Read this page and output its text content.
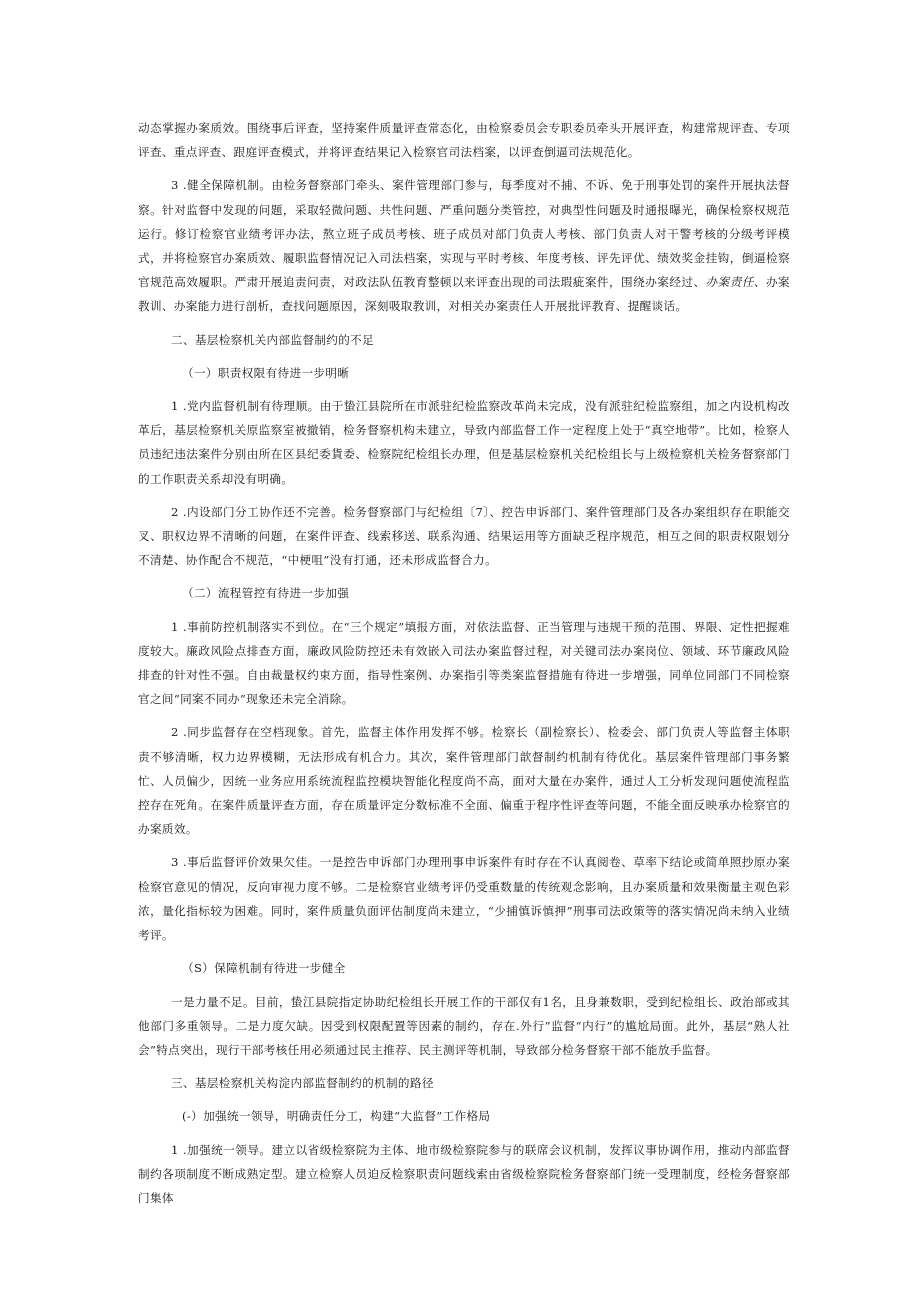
动态掌握办案质效。围绕事后评查，坚持案件质量评查常态化，由检察委员会专职委员牵头开展评查，构建常规评查、专项评查、重点评查、跟庭评查模式，并将评查结果记入检察官司法档案，以评查倒逼司法规范化。

3 .健全保障机制。由检务督察部门牵头、案件管理部门参与，每季度对不捕、不诉、免于刑事处罚的案件开展执法督察。针对监督中发现的问题，采取轻微问题、共性问题、严重问题分类管控，对典型性问题及时通报曝光，确保检察权规范运行。修订检察官业绩考评办法，熬立班子成员考核、班子成员对部门负责人考核、部门负责人对干警考核的分级考评模式，并将检察官办案质效、履职监督情况记入司法档案，实现与平时考核、年度考核、评先评优、绩效奖金挂钩，倒逼检察官规范高效履职。严肃开展追责问责，对政法队伍教育整顿以来评查出现的司法瑕疵案件，围绕办案经过、办案责任、办案教训、办案能力进行剖析，查找问题原因，深刻吸取教训，对相关办案责任人开展批评教育、提醒谈话。

二、基层检察机关内部监督制约的不足

（一）职责权限有待进一步明晰

1 .党内监督机制有待理顺。由于蛰江县院所在市派驻纪检监察改革尚未完成，没有派驻纪检监察组，加之内设机构改革后，基层检察机关原监察室被撤销，检务督察机构未建立，导致内部监督工作一定程度上处于“真空地带”。比如，检察人员违纪违法案件分别由所在区县纪委貨委、检察院纪检组长办理，但是基层检察机关纪检组长与上级检察机关检务督察部门的工作职责关系却没有明确。

2 .内设部门分工协作还不完善。检务督察部门与纪检组〔7〕、控告申诉部门、案件管理部门及各办案组织存在职能交叉、职权边界不清晰的问题，在案件评查、线索移送、联系沟通、结果运用等方面缺乏程序规范，相互之间的职责权限划分不清楚、协作配合不规范，“中梗咀”没有打通，还未形成监督合力。

（二）流程管控有待进一步加强

1 .事前防控机制落实不到位。在“三个规定”填报方面，对依法监督、正当管理与违规干预的范围、界限、定性把握难度较大。廉政风险点排查方面，廉政风险防控还未有效嵌入司法办案监督过程，对关键司法办案岗位、领域、环节廉政风险排查的针对性不强。自由裁量权约束方面，指导性案例、办案指引等类案监督措施有待进一步增强，同单位同部门不同检察官之间“同案不同办”现象还未完全消除。

2 .同步监督存在空档现象。首先，监督主体作用发挥不够。检察长（副检察长）、检委会、部门负责人等监督主体职责不够清晰，权力边界模糊，无法形成有机合力。其次，案件管理部门歆督制约机制有待优化。基层案件管理部门事务繁忙、人员偏少，因统一业务应用系统流程监控模块智能化程度尚不高，面对大量在办案件，通过人工分析发现问题使流程监控存在死角。在案件质量评查方面，存在质量评定分数标准不全面、偏重于程序性评查等问题，不能全面反映承办检察官的办案质效。

3 .事后监督评价效果欠佳。一是控告申诉部门办理刑事申诉案件有时存在不认真阅卷、草率下结论或简单照抄原办案检察官意见的情况，反向审视力度不够。二是检察官业绩考评仍受重数量的传统观念影响，且办案质量和效果衡量主观色彩浓，量化指标较为困难。同时，案件质量负面评估制度尚未建立，“少捕慎诉慎押”刑事司法政策等的落实情况尚未纳入业绩考评。

（S）保障机制有待进一步健全

一是力量不足。目前，蛰江县院指定协助纪检组长开展工作的干部仅有1名，且身兼数职，受到纪检组长、政治部或其他部门多重领导。二是力度欠缺。因受到权限配置等因素的制约，存在.外行”监督“内行”的尴尬局面。此外，基层“熟人社会”特点突出，现行干部考核任用必须通过民主推荐、民主测评等机制，导致部分检务督察干部不能放手监督。

三、基层检察机关构淀内部监督制约的机制的路径

(-）加强统一领导，明确责任分工，构建“大监督”工作格局

1 .加强统一领导。建立以省级检察院为主体、地市级检察院参与的联席会议机制，发挥议事协调作用，推动内部监督制约各项制度不断成熟定型。建立检察人员迫反检察职责问题线索由省级检察院检务督察部门统一受理制度，经检务督察部门集体
